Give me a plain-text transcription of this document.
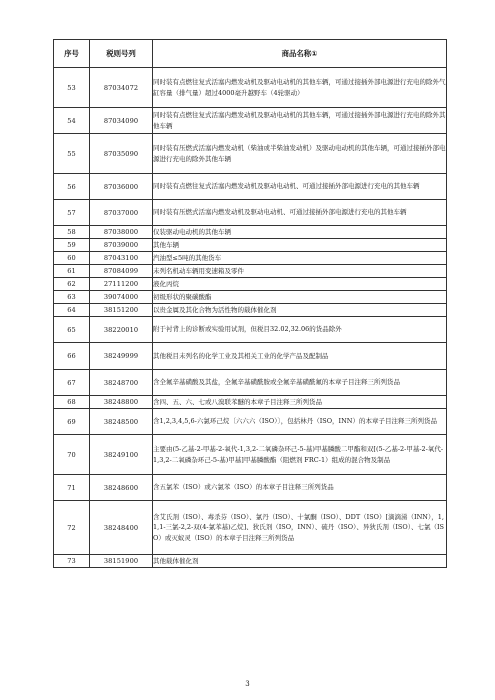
序号	税则号列	商品名称①
53	87034072	同时装有点燃往复式活塞内燃发动机及驱动电动机的其他车辆，可通过接插外部电源进行充电的除外气缸容量（排气量）超过4000毫升越野车（4轮驱动）
54	87034090	同时装有点燃往复式活塞内燃发动机及驱动电动机的其他车辆，可通过接插外部电源进行充电的除外其他车辆
55	87035090	同时装有压燃式活塞内燃发动机（柴油或半柴油发动机）及驱动电动机的其他车辆，可通过接插外部电源进行充电的除外其他车辆
56	87036000	同时装有点燃往复式活塞内燃发动机及驱动电动机、可通过接插外部电源进行充电的其他车辆
57	87037000	同时装有压燃式活塞内燃发动机及驱动电动机、可通过接插外部电源进行充电的其他车辆
58	87038000	仅装驱动电动机的其他车辆
59	87039000	其他车辆
60	87043100	汽油型≤5吨的其他货车
61	87084099	未列名机动车辆用变速箱及零件
62	27111200	液化丙烷
63	39074000	初级形状的聚碳酸酯
64	38151200	以贵金属及其化合物为活性物的载体催化剂
65	38220010	附于衬背上的诊断或实验用试剂，但税目32.02,32.06的货品除外
66	38249999	其他税目未列名的化学工业及其相关工业的化学产品及配制品
67	38248700	含全氟辛基磺酸及其盐，全氟辛基磺酰胺或全氟辛基磺酰氟的本章子目注释三所列货品
68	38248800	含四、五、六、七或八溴联苯醚的本章子目注释三所列货品
69	38248500	含1,2,3,4,5,6-六氯环己烷〔六六六（ISO）〕，包括林丹（ISO，INN）的本章子目注释三所列货品
70	38249100	主要由(5-乙基-2-甲基-2-氧代-1,3,2-二氧磷杂环己-5-基)甲基膦酸二甲酯和双[(5-乙基-2-甲基-2-氧代-1,3,2-二氧磷杂环己-5-基)甲基]甲基膦酸酯（阻燃剂 FRC-1）组成的混合物及制品
71	38248600	含五氯苯（ISO）或六氯苯（ISO）的本章子目注释三所列货品
72	38248400	含艾氏剂（ISO）、毒杀芬（ISO）、氯丹（ISO）、十氯酮（ISO）、DDT（ISO）[滴滴涕（INN），1,1,1-三氯-2,2-双(4-氯苯基)乙烷]、狄氏剂（ISO，INN）、硫丹（ISO）、异狄氏剂（ISO）、七氯（ISO）或灭蚁灵（ISO）的本章子目注释三所列货品
73	38151900	其他载体催化剂
3
